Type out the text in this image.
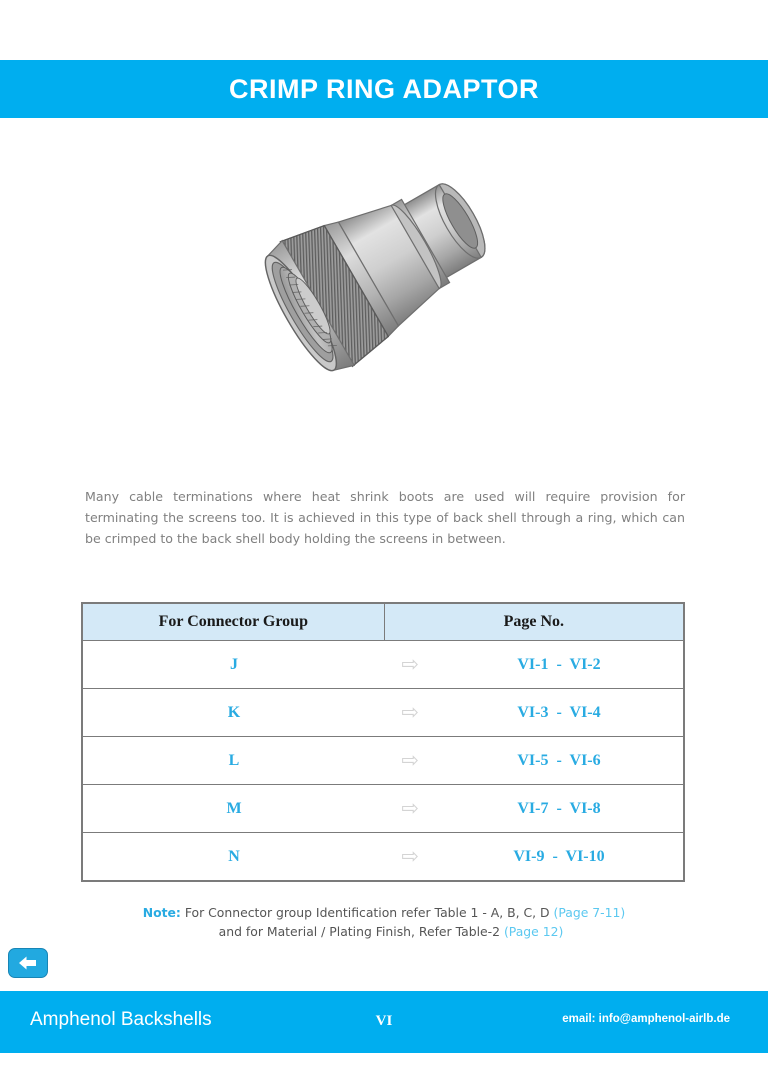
CRIMP RING ADAPTOR
Many cable terminations where heat shrink boots are used will require provision for terminating the screens too. It is achieved in this type of back shell through a ring, which can be crimped to the back shell body holding the screens in between.
For Connector Group	Page No.

J	⇨	VI-1  -  VI-2

K	⇨	VI-3  -  VI-4

L	⇨	VI-5  -  VI-6

M	⇨	VI-7  -  VI-8

N	⇨	VI-9  -  VI-10
Note: For Connector group Identification refer Table 1 - A, B, C, D (Page 7-11)
and for Material / Plating Finish, Refer Table-2 (Page 12)
Amphenol Backshells	VI	email: info@amphenol-airlb.de
